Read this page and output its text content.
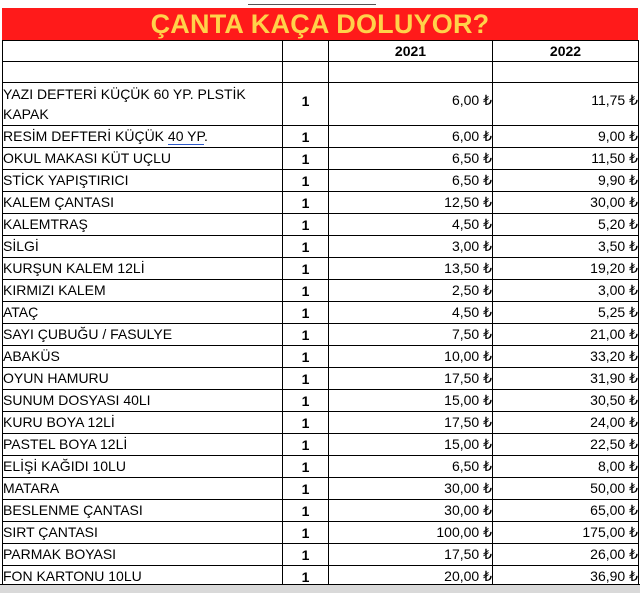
ÇANTA KAÇA DOLUYOR?
		2021	2022

YAZI DEFTERİ KÜÇÜK 60 YP. PLSTİK KAPAK	1	6,00 ₺	11,75 ₺
RESİM DEFTERİ KÜÇÜK 40 YP.	1	6,00 ₺	9,00 ₺
OKUL MAKASI KÜT UÇLU	1	6,50 ₺	11,50 ₺
STİCK YAPIŞTIRICI	1	6,50 ₺	9,90 ₺
KALEM ÇANTASI	1	12,50 ₺	30,00 ₺
KALEMTRAŞ	1	4,50 ₺	5,20 ₺
SİLGİ	1	3,00 ₺	3,50 ₺
KURŞUN KALEM 12Lİ	1	13,50 ₺	19,20 ₺
KIRMIZI KALEM	1	2,50 ₺	3,00 ₺
ATAÇ	1	4,50 ₺	5,25 ₺
SAYI ÇUBUĞU / FASULYE	1	7,50 ₺	21,00 ₺
ABAKÜS	1	10,00 ₺	33,20 ₺
OYUN HAMURU	1	17,50 ₺	31,90 ₺
SUNUM DOSYASI 40LI	1	15,00 ₺	30,50 ₺
KURU BOYA 12Lİ	1	17,50 ₺	24,00 ₺
PASTEL BOYA 12Lİ	1	15,00 ₺	22,50 ₺
ELİŞİ KAĞIDI 10LU	1	6,50 ₺	8,00 ₺
MATARA	1	30,00 ₺	50,00 ₺
BESLENME ÇANTASI	1	30,00 ₺	65,00 ₺
SIRT ÇANTASI	1	100,00 ₺	175,00 ₺
PARMAK BOYASI	1	17,50 ₺	26,00 ₺
FON KARTONU 10LU	1	20,00 ₺	36,90 ₺
